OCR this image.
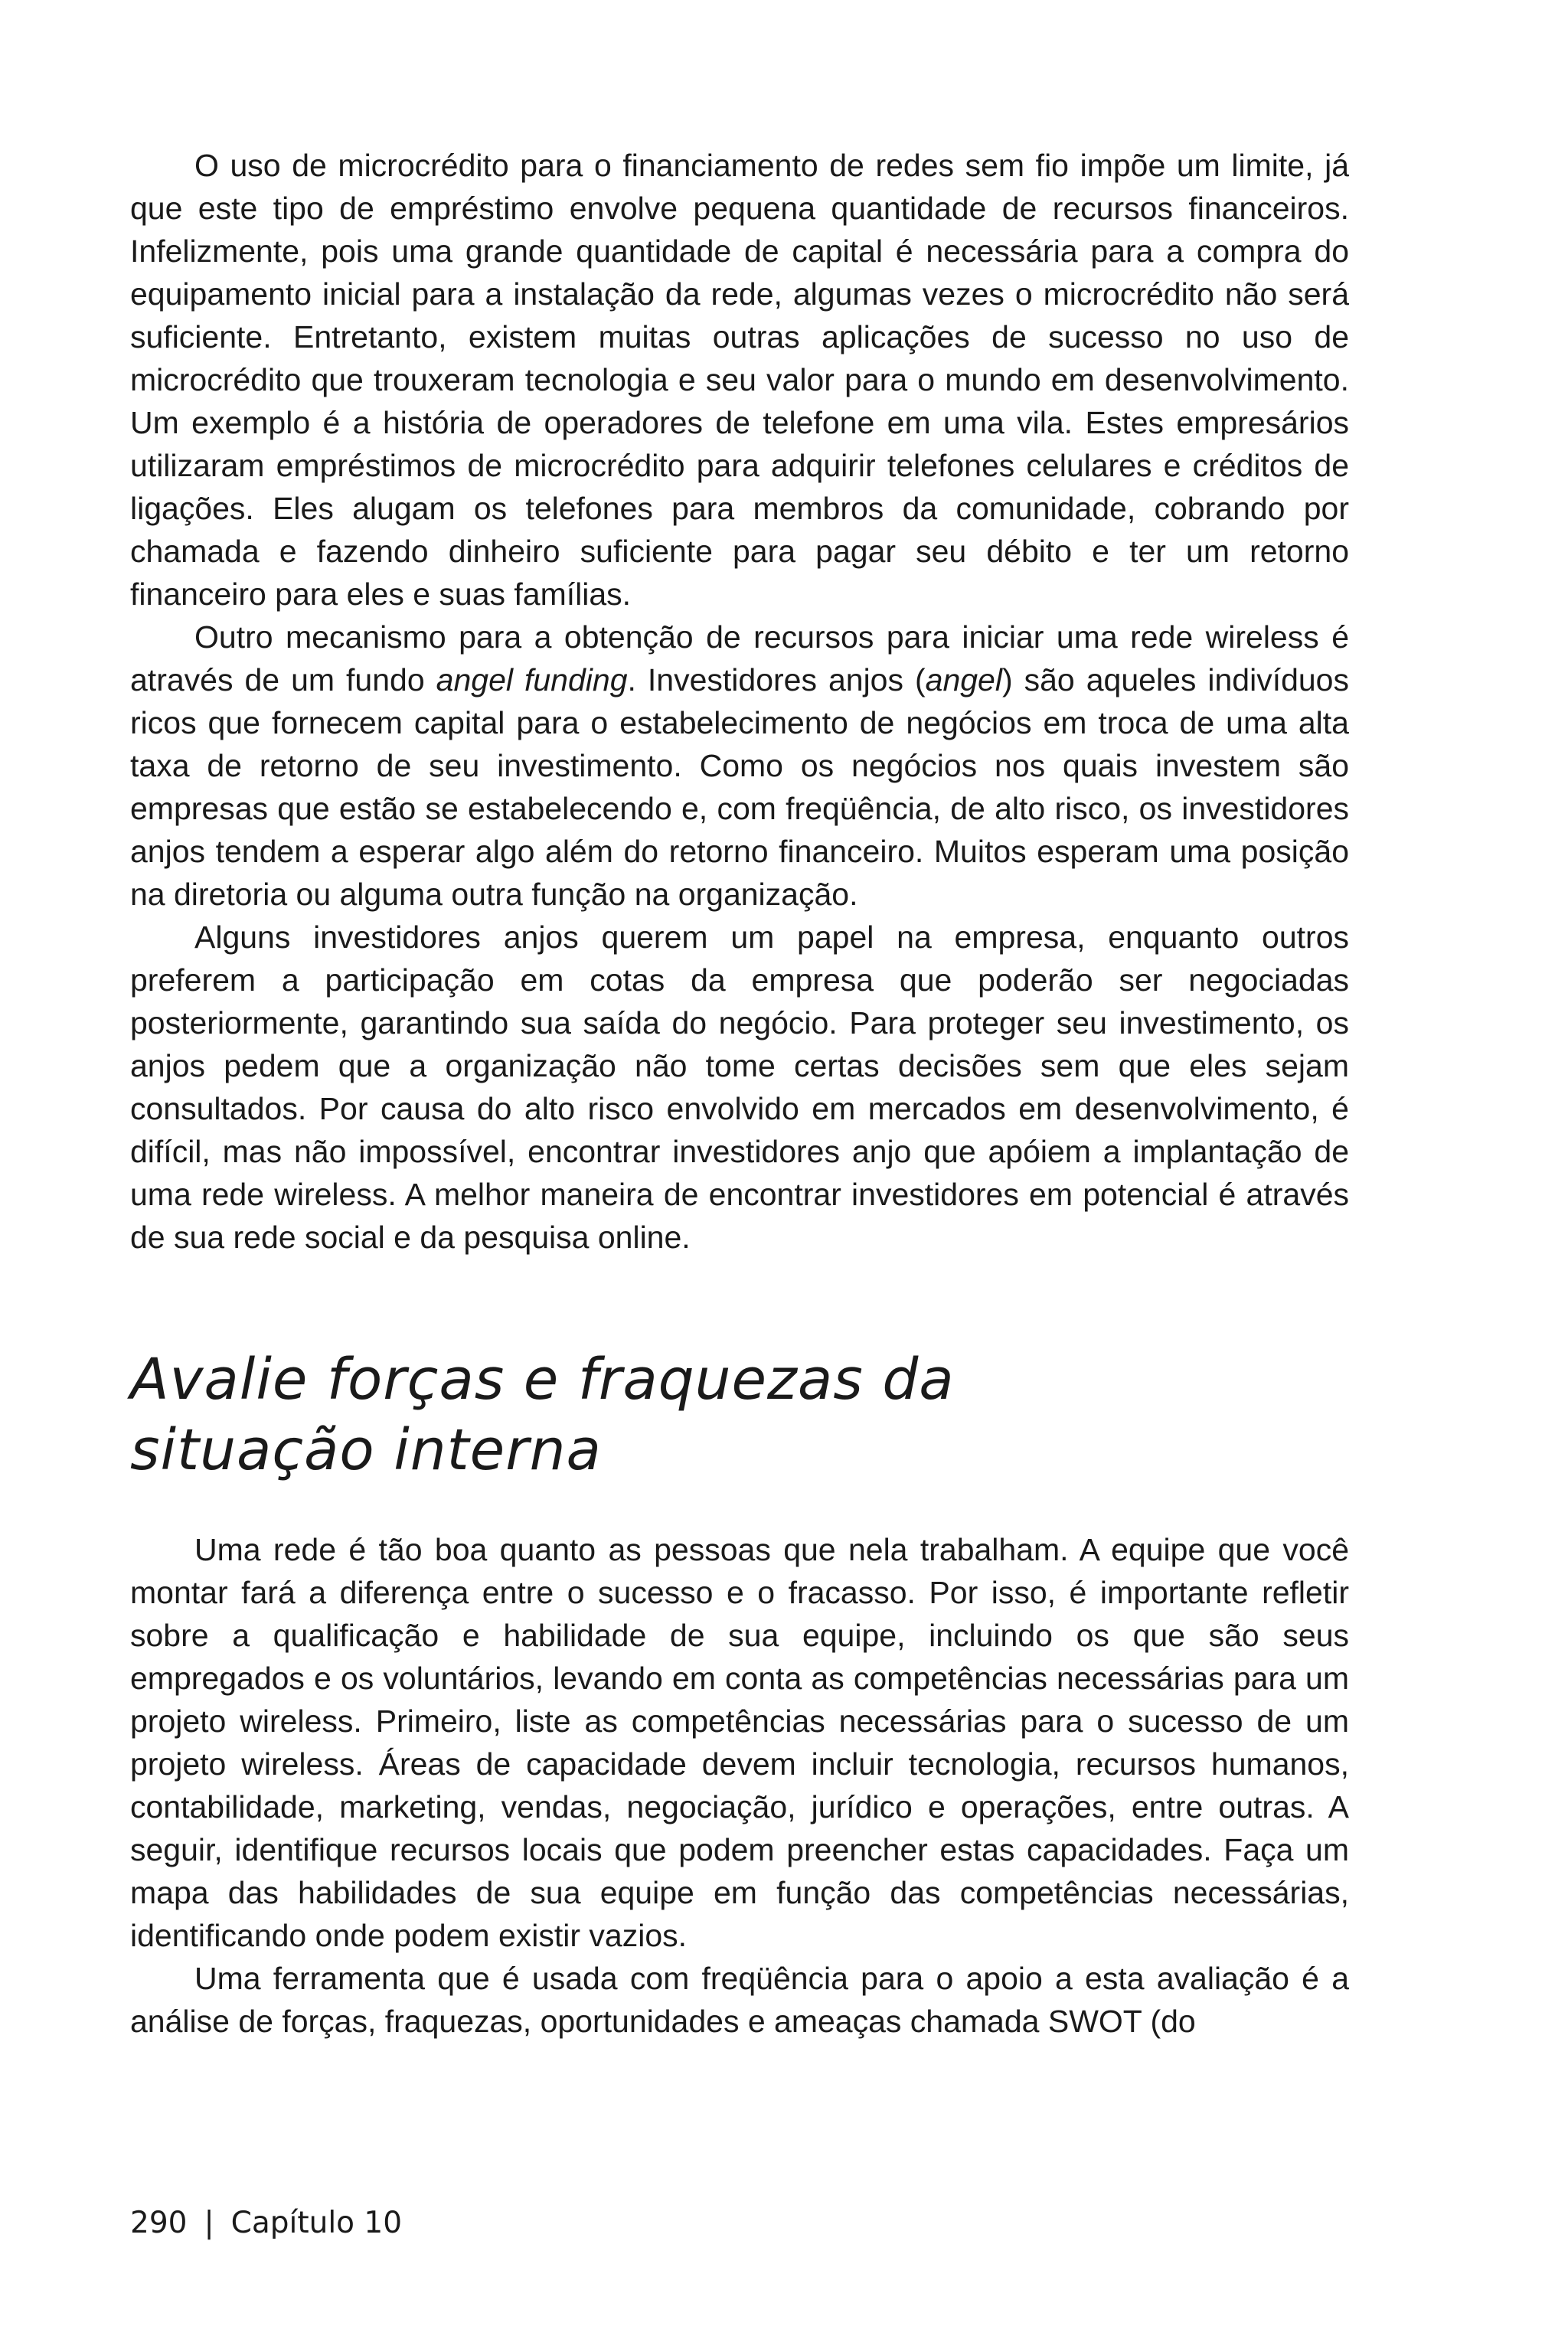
O uso de microcrédito para o financiamento de redes sem fio impõe um limite, já que este tipo de empréstimo envolve pequena quantidade de recursos financeiros. Infelizmente, pois uma grande quantidade de capital é necessária para a compra do equipamento inicial para a instalação da rede, algumas vezes o microcrédito não será suficiente. Entretanto, existem muitas outras aplicações de sucesso no uso de microcrédito que trouxeram tecnologia e seu valor para o mundo em desenvolvimento. Um exemplo é a história de operadores de telefone em uma vila. Estes empresários utilizaram empréstimos de microcrédito para adquirir telefones celulares e créditos de ligações. Eles alugam os telefones para membros da comunidade, cobrando por chamada e fazendo dinheiro suficiente para pagar seu débito e ter um retorno financeiro para eles e suas famílias.

Outro mecanismo para a obtenção de recursos para iniciar uma rede wireless é através de um fundo angel funding. Investidores anjos (angel) são aqueles indivíduos ricos que fornecem capital para o estabelecimento de negócios em troca de uma alta taxa de retorno de seu investimento. Como os negócios nos quais investem são empresas que estão se estabelecendo e, com freqüência, de alto risco, os investidores anjos tendem a esperar algo além do retorno financeiro. Muitos esperam uma posição na diretoria ou alguma outra função na organização.

Alguns investidores anjos querem um papel na empresa, enquanto outros preferem a participação em cotas da empresa que poderão ser negociadas posteriormente, garantindo sua saída do negócio. Para proteger seu investimento, os anjos pedem que a organização não tome certas decisões sem que eles sejam consultados. Por causa do alto risco envolvido em mercados em desenvolvimento, é difícil, mas não impossível, encontrar investidores anjo que apóiem a implantação de uma rede wireless. A melhor maneira de encontrar investidores em potencial é através de sua rede social e da pesquisa online.

Avalie forças e fraquezas da
situação interna

Uma rede é tão boa quanto as pessoas que nela trabalham. A equipe que você montar fará a diferença entre o sucesso e o fracasso. Por isso, é importante refletir sobre a qualificação e habilidade de sua equipe, incluindo os que são seus empregados e os voluntários, levando em conta as competências necessárias para um projeto wireless. Primeiro, liste as competências necessárias para o sucesso de um projeto wireless. Áreas de capacidade devem incluir tecnologia, recursos humanos, contabilidade, marketing, vendas, negociação, jurídico e operações, entre outras. A seguir, identifique recursos locais que podem preencher estas capacidades. Faça um mapa das habilidades de sua equipe em função das competências necessárias, identificando onde podem existir vazios.

Uma ferramenta que é usada com freqüência para o apoio a esta avaliação é a análise de forças, fraquezas, oportunidades e ameaças chamada SWOT (do

290 | Capítulo 10
